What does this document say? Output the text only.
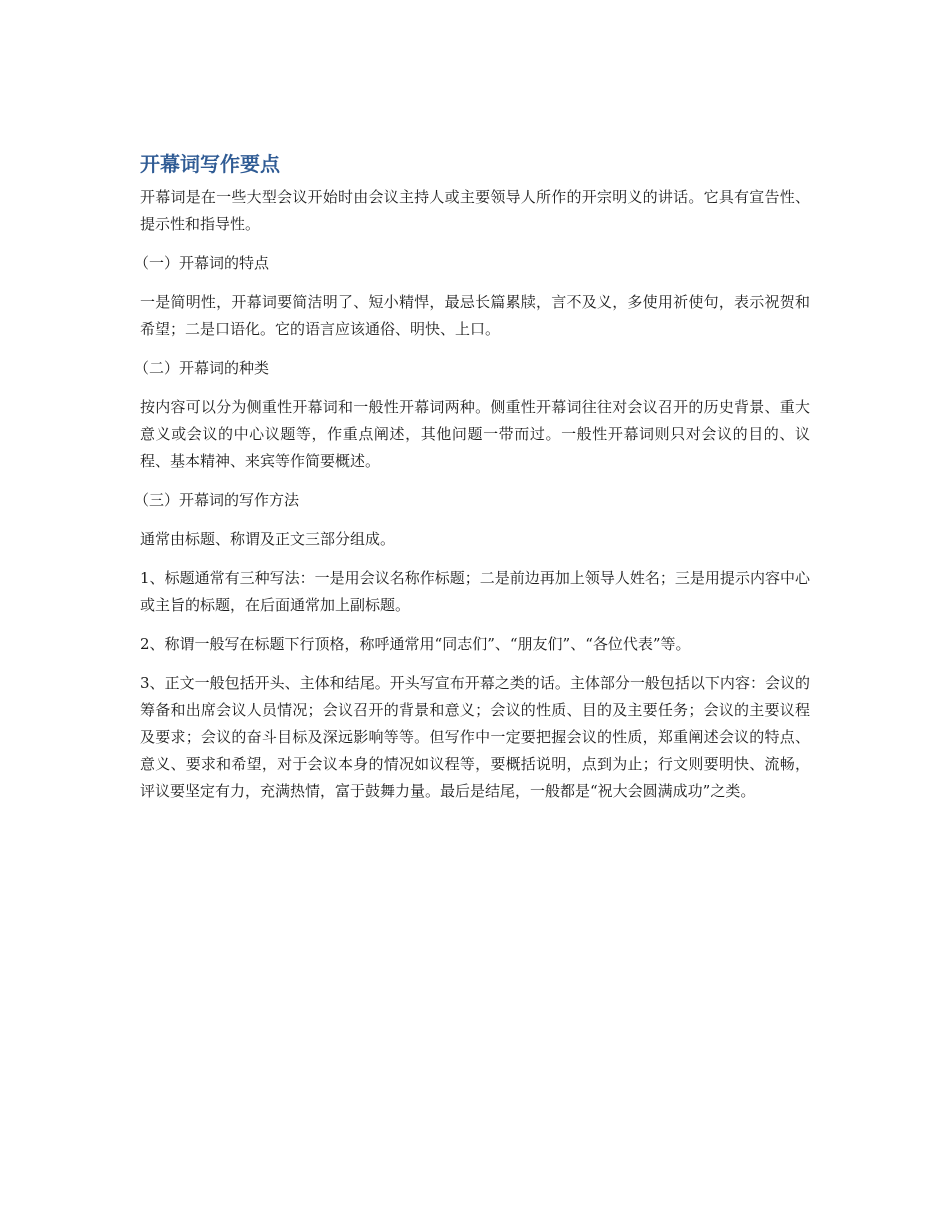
开幕词写作要点

开幕词是在一些大型会议开始时由会议主持人或主要领导人所作的开宗明义的讲话。它具有宣告性、提示性和指导性。

（一）开幕词的特点

一是简明性，开幕词要简洁明了、短小精悍，最忌长篇累牍，言不及义，多使用祈使句，表示祝贺和希望；二是口语化。它的语言应该通俗、明快、上口。

（二）开幕词的种类

按内容可以分为侧重性开幕词和一般性开幕词两种。侧重性开幕词往往对会议召开的历史背景、重大意义或会议的中心议题等，作重点阐述，其他问题一带而过。一般性开幕词则只对会议的目的、议程、基本精神、来宾等作简要概述。

（三）开幕词的写作方法

通常由标题、称谓及正文三部分组成。

1、标题通常有三种写法：一是用会议名称作标题；二是前边再加上领导人姓名；三是用提示内容中心或主旨的标题，在后面通常加上副标题。

2、称谓一般写在标题下行顶格，称呼通常用“同志们”、“朋友们”、“各位代表”等。

3、正文一般包括开头、主体和结尾。开头写宣布开幕之类的话。主体部分一般包括以下内容：会议的筹备和出席会议人员情况；会议召开的背景和意义；会议的性质、目的及主要任务；会议的主要议程及要求；会议的奋斗目标及深远影响等等。但写作中一定要把握会议的性质，郑重阐述会议的特点、意义、要求和希望，对于会议本身的情况如议程等，要概括说明，点到为止；行文则要明快、流畅，评议要坚定有力，充满热情，富于鼓舞力量。最后是结尾，一般都是“祝大会圆满成功”之类。
